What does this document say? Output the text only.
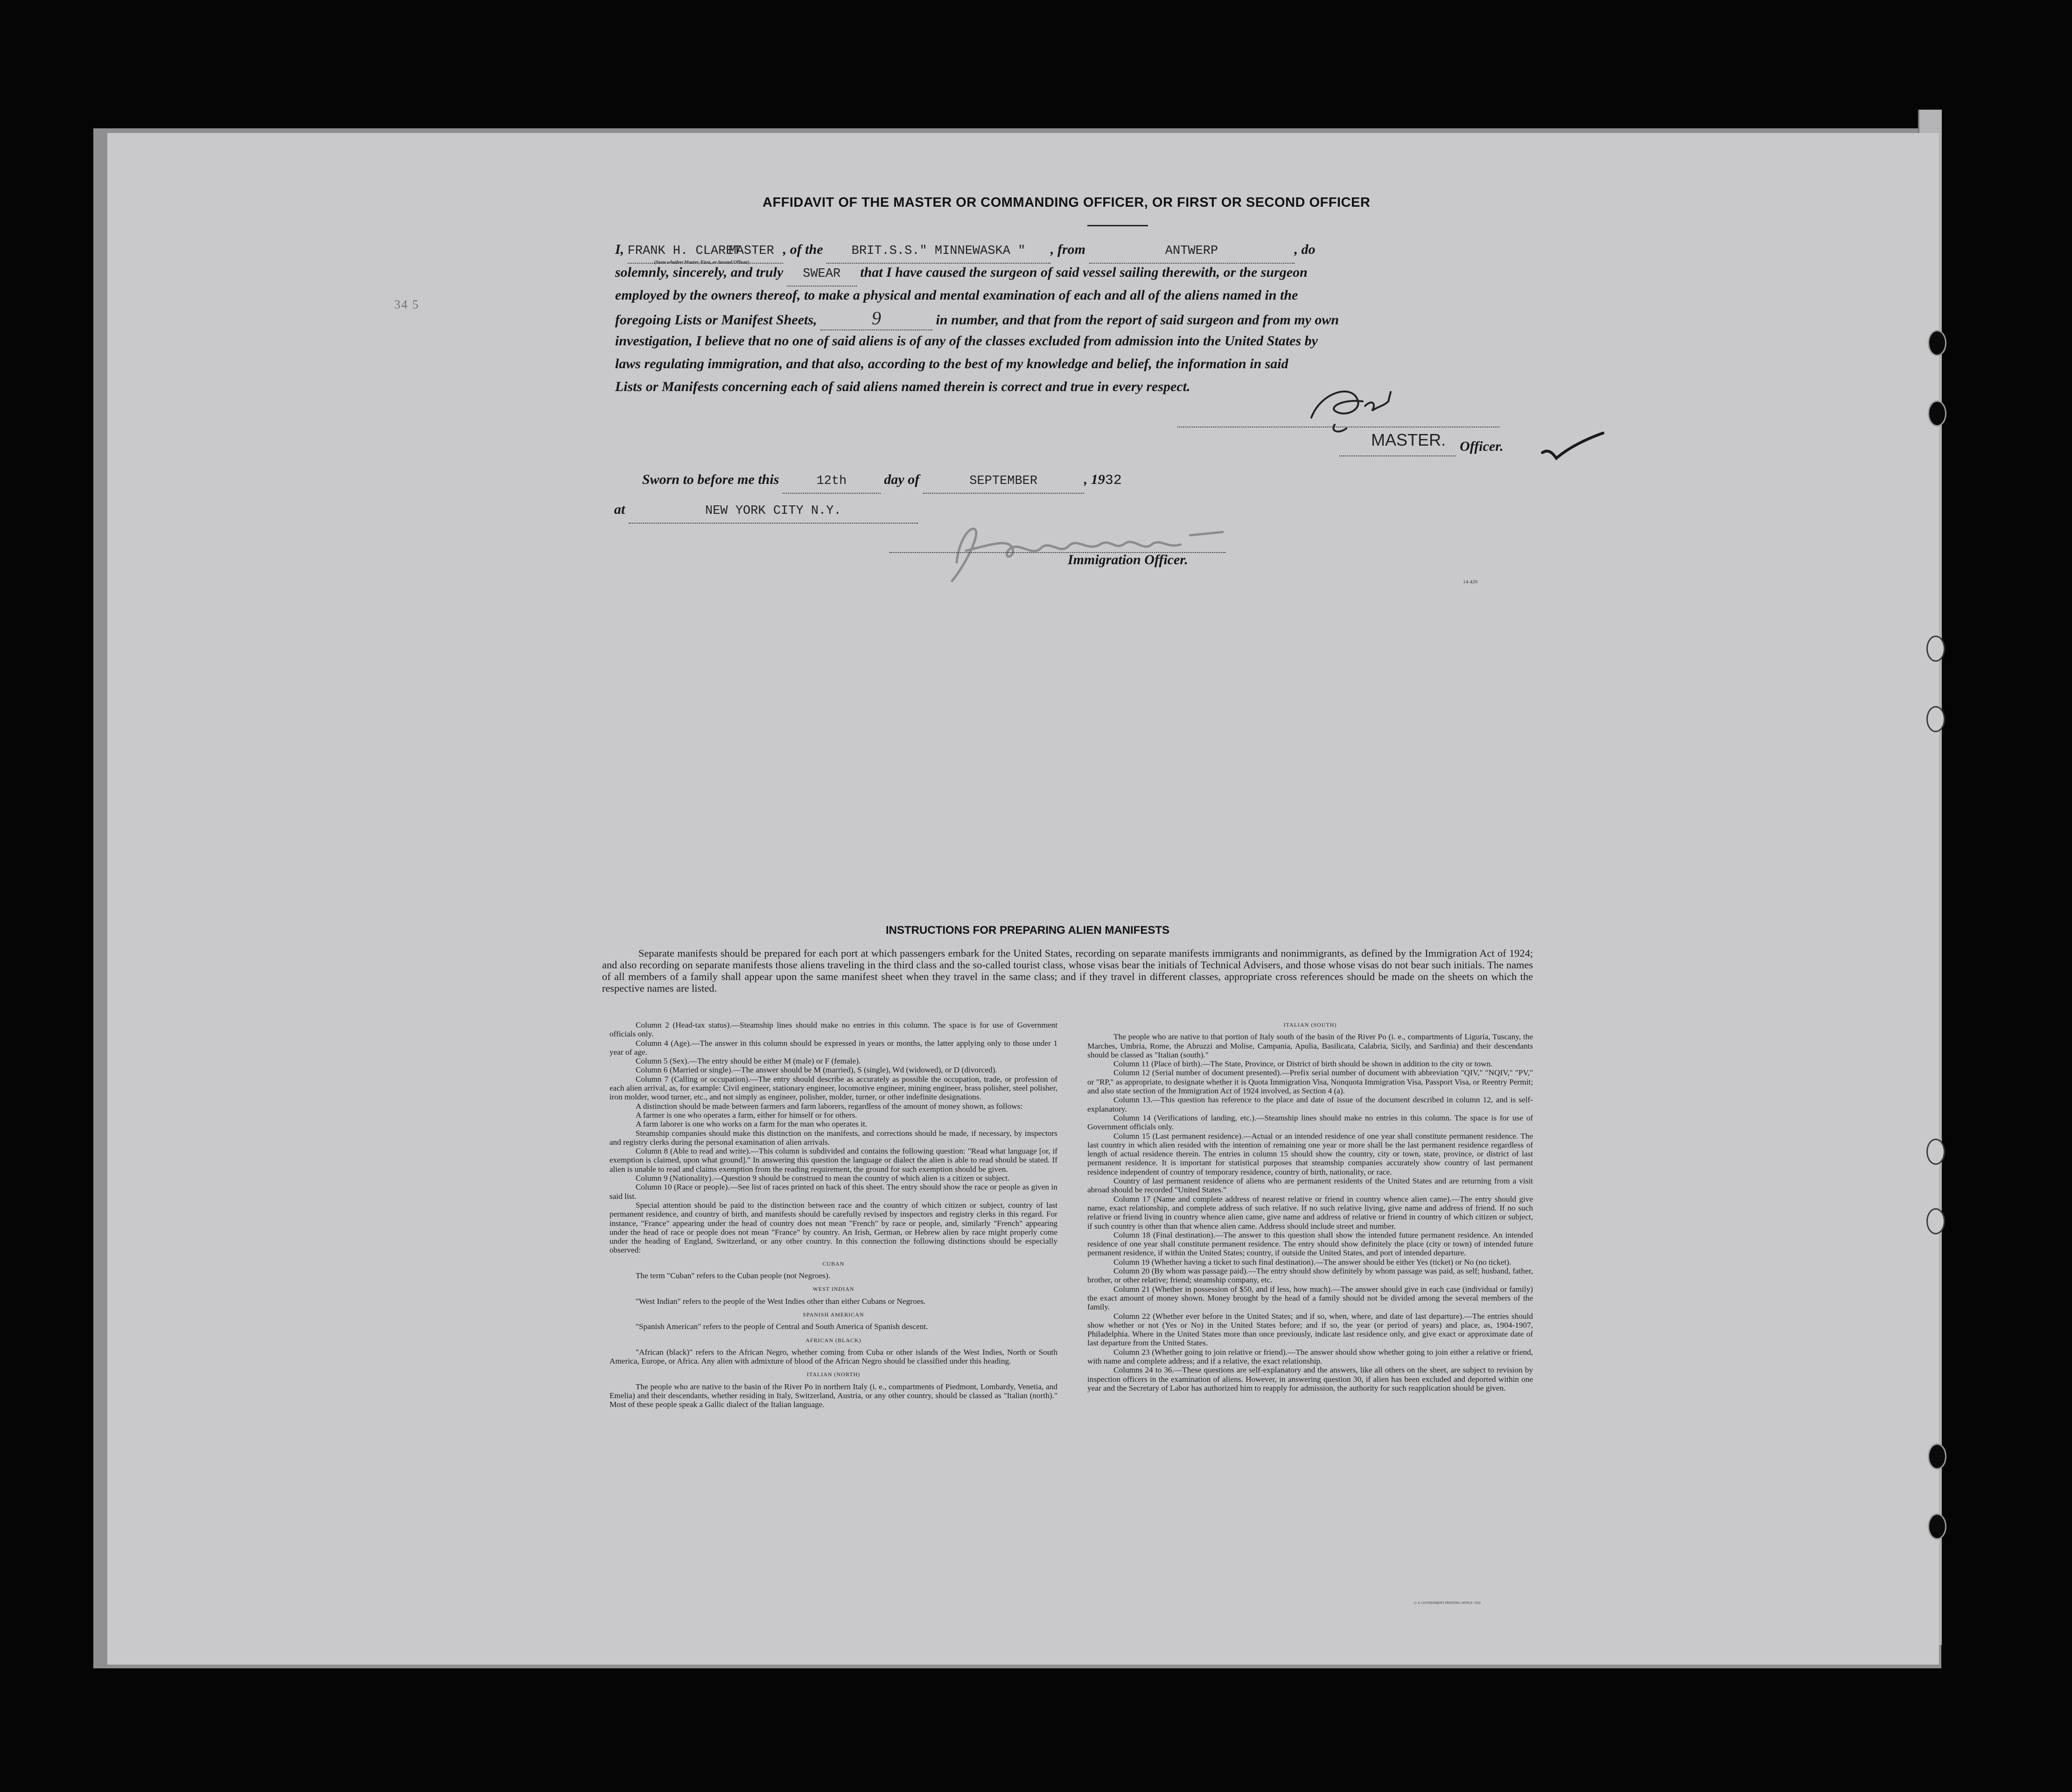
34 5
AFFIDAVIT OF THE MASTER OR COMMANDING OFFICER, OR FIRST OR SECOND OFFICER
I, FRANK H. CLARETMASTER , of the BRIT.S.S." MINNEWASKA " , from	ANTWERP	, do
solemnly, sincerely, and truly SWEAR that I have caused the surgeon of said vessel sailing therewith, or the surgeon
employed by the owners thereof, to make a physical and mental examination of each and all of the aliens named in the
foregoing Lists or Manifest Sheets,	9	in number, and that from the report of said surgeon and from my own
investigation, I believe that no one of said aliens is of any of the classes excluded from admission into the United States by
laws regulating immigration, and that also, according to the best of my knowledge and belief, the information in said
Lists or Manifests concerning each of said aliens named therein is correct and true in every respect.
(State whether Master, First, or Second Officer)
MASTER. Officer.
Sworn to before me this	12th	day of	SEPTEMBER	, 1932
at	NEW YORK CITY N.Y.
Immigration Officer.
14-420
INSTRUCTIONS FOR PREPARING ALIEN MANIFESTS
Separate manifests should be prepared for each port at which passengers embark for the United States, recording on separate manifests immigrants and nonimmigrants, as defined by the Immigration Act of 1924; and also recording on separate manifests those aliens traveling in the third class and the so-called tourist class, whose visas bear the initials of Technical Advisers, and those whose visas do not bear such initials. The names of all members of a family shall appear upon the same manifest sheet when they travel in the same class; and if they travel in different classes, appropriate cross references should be made on the sheets on which the respective names are listed.

Column 2 (Head-tax status).—Steamship lines should make no entries in this column. The space is for use of Government officials only.

Column 4 (Age).—The answer in this column should be expressed in years or months, the latter applying only to those under 1 year of age.

Column 5 (Sex).—The entry should be either M (male) or F (female).

Column 6 (Married or single).—The answer should be M (married), S (single), Wd (widowed), or D (divorced).

Column 7 (Calling or occupation).—The entry should describe as accurately as possible the occupation, trade, or profession of each alien arrival, as, for example: Civil engineer, stationary engineer, locomotive engineer, mining engineer, brass polisher, steel polisher, iron molder, wood turner, etc., and not simply as engineer, polisher, molder, turner, or other indefinite designations.

A distinction should be made between farmers and farm laborers, regardless of the amount of money shown, as follows:

A farmer is one who operates a farm, either for himself or for others.

A farm laborer is one who works on a farm for the man who operates it.

Steamship companies should make this distinction on the manifests, and corrections should be made, if necessary, by inspectors and registry clerks during the personal examination of alien arrivals.

Column 8 (Able to read and write).—This column is subdivided and contains the following question: "Read what language [or, if exemption is claimed, upon what ground]." In answering this question the language or dialect the alien is able to read should be stated. If alien is unable to read and claims exemption from the reading requirement, the ground for such exemption should be given.

Column 9 (Nationality).—Question 9 should be construed to mean the country of which alien is a citizen or subject.

Column 10 (Race or people).—See list of races printed on back of this sheet. The entry should show the race or people as given in said list.

Special attention should be paid to the distinction between race and the country of which citizen or subject, country of last permanent residence, and country of birth, and manifests should be carefully revised by inspectors and registry clerks in this regard. For instance, "France" appearing under the head of country does not mean "French" by race or people, and, similarly "French" appearing under the head of race or people does not mean "France" by country. An Irish, German, or Hebrew alien by race might properly come under the heading of England, Switzerland, or any other country. In this connection the following distinctions should be especially observed:

CUBAN

The term "Cuban" refers to the Cuban people (not Negroes).

WEST INDIAN

"West Indian" refers to the people of the West Indies other than either Cubans or Negroes.

SPANISH AMERICAN

"Spanish American" refers to the people of Central and South America of Spanish descent.

AFRICAN (BLACK)

"African (black)" refers to the African Negro, whether coming from Cuba or other islands of the West Indies, North or South America, Europe, or Africa. Any alien with admixture of blood of the African Negro should be classified under this heading.

ITALIAN (NORTH)

The people who are native to the basin of the River Po in northern Italy (i. e., compartments of Piedmont, Lombardy, Venetia, and Emelia) and their descendants, whether residing in Italy, Switzerland, Austria, or any other country, should be classed as "Italian (north)." Most of these people speak a Gallic dialect of the Italian language.

ITALIAN (SOUTH)

The people who are native to that portion of Italy south of the basin of the River Po (i. e., compartments of Liguria, Tuscany, the Marches, Umbria, Rome, the Abruzzi and Molise, Campania, Apulia, Basilicata, Calabria, Sicily, and Sardinia) and their descendants should be classed as "Italian (south)."

Column 11 (Place of birth).—The State, Province, or District of birth should be shown in addition to the city or town.

Column 12 (Serial number of document presented).—Prefix serial number of document with abbreviation "QIV," "NQIV," "PV," or "RP," as appropriate, to designate whether it is Quota Immigration Visa, Nonquota Immigration Visa, Passport Visa, or Reentry Permit; and also state section of the Immigration Act of 1924 involved, as Section 4 (a).

Column 13.—This question has reference to the place and date of issue of the document described in column 12, and is self-explanatory.

Column 14 (Verifications of landing, etc.).—Steamship lines should make no entries in this column. The space is for use of Government officials only.

Column 15 (Last permanent residence).—Actual or an intended residence of one year shall constitute permanent residence. The last country in which alien resided with the intention of remaining one year or more shall be the last permanent residence regardless of length of actual residence therein. The entries in column 15 should show the country, city or town, state, province, or district of last permanent residence. It is important for statistical purposes that steamship companies accurately show country of last permanent residence independent of country of temporary residence, country of birth, nationality, or race.

Country of last permanent residence of aliens who are permanent residents of the United States and are returning from a visit abroad should be recorded "United States."

Column 17 (Name and complete address of nearest relative or friend in country whence alien came).—The entry should give name, exact relationship, and complete address of such relative. If no such relative living, give name and address of friend. If no such relative or friend living in country whence alien came, give name and address of relative or friend in country of which citizen or subject, if such country is other than that whence alien came. Address should include street and number.

Column 18 (Final destination).—The answer to this question shall show the intended future permanent residence. An intended residence of one year shall constitute permanent residence. The entry should show definitely the place (city or town) of intended future permanent residence, if within the United States; country, if outside the United States, and port of intended departure.

Column 19 (Whether having a ticket to such final destination).—The answer should be either Yes (ticket) or No (no ticket).

Column 20 (By whom was passage paid).—The entry should show definitely by whom passage was paid, as self; husband, father, brother, or other relative; friend; steamship company, etc.

Column 21 (Whether in possession of $50, and if less, how much).—The answer should give in each case (individual or family) the exact amount of money shown. Money brought by the head of a family should not be divided among the several members of the family.

Column 22 (Whether ever before in the United States; and if so, when, where, and date of last departure).—The entries should show whether or not (Yes or No) in the United States before; and if so, the year (or period of years) and place, as, 1904-1907, Philadelphia. Where in the United States more than once previously, indicate last residence only, and give exact or approximate date of last departure from the United States.

Column 23 (Whether going to join relative or friend).—The answer should show whether going to join either a relative or friend, with name and complete address; and if a relative, the exact relationship.

Columns 24 to 36.—These questions are self-explanatory and the answers, like all others on the sheet, are subject to revision by inspection officers in the examination of aliens. However, in answering question 30, if alien has been excluded and deported within one year and the Secretary of Labor has authorized him to reapply for admission, the authority for such reapplication should be given.

U. S. GOVERNMENT PRINTING OFFICE: 1932
